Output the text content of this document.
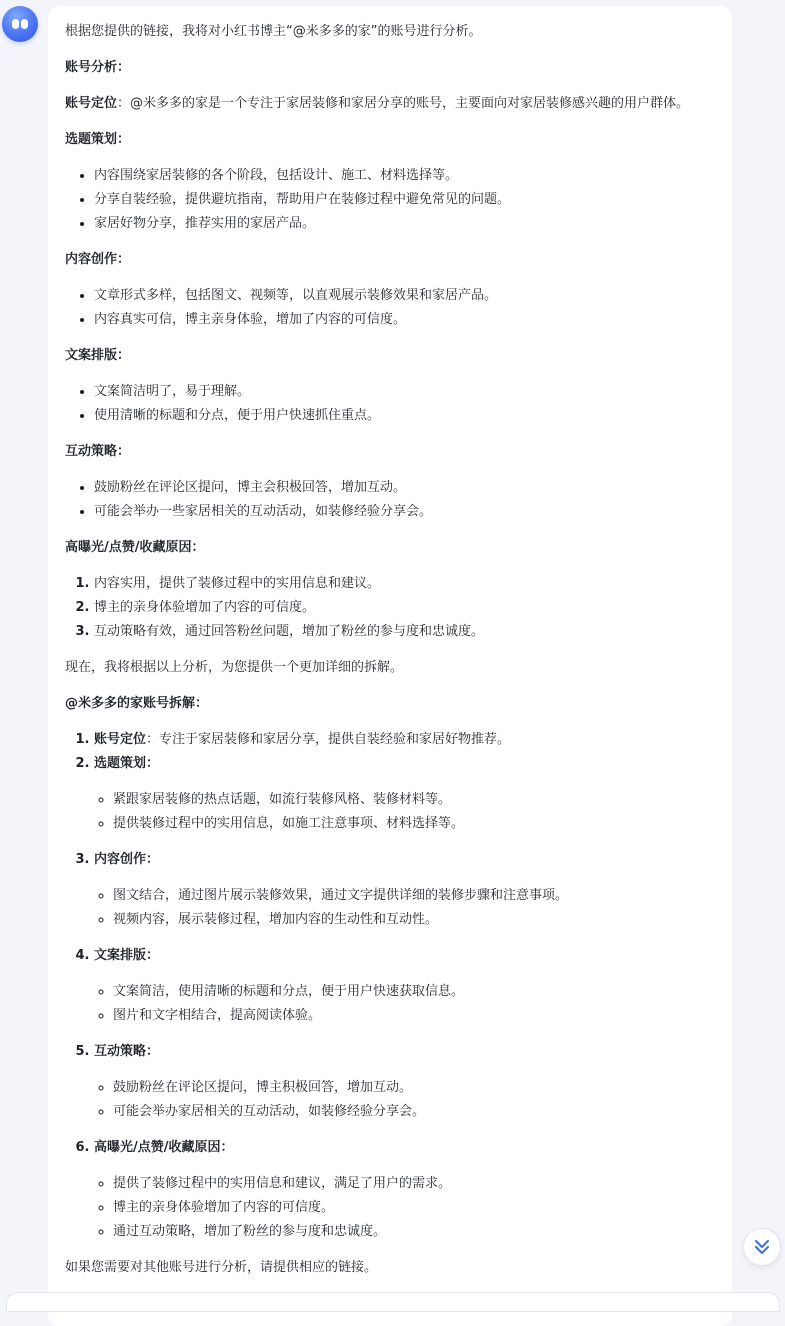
根据您提供的链接，我将对小红书博主“@米多多的家”的账号进行分析。

账号分析：

账号定位：@米多多的家是一个专注于家居装修和家居分享的账号，主要面向对家居装修感兴趣的用户群体。

选题策划：

• 内容围绕家居装修的各个阶段，包括设计、施工、材料选择等。
• 分享自装经验，提供避坑指南，帮助用户在装修过程中避免常见的问题。
• 家居好物分享，推荐实用的家居产品。

内容创作：

• 文章形式多样，包括图文、视频等，以直观展示装修效果和家居产品。
• 内容真实可信，博主亲身体验，增加了内容的可信度。

文案排版：

• 文案简洁明了，易于理解。
• 使用清晰的标题和分点，便于用户快速抓住重点。

互动策略：

• 鼓励粉丝在评论区提问，博主会积极回答，增加互动。
• 可能会举办一些家居相关的互动活动，如装修经验分享会。

高曝光/点赞/收藏原因：

1. 内容实用，提供了装修过程中的实用信息和建议。
2. 博主的亲身体验增加了内容的可信度。
3. 互动策略有效，通过回答粉丝问题，增加了粉丝的参与度和忠诚度。

现在，我将根据以上分析，为您提供一个更加详细的拆解。

@米多多的家账号拆解：

1. 账号定位：专注于家居装修和家居分享，提供自装经验和家居好物推荐。
2. 选题策划：
◦ 紧跟家居装修的热点话题，如流行装修风格、装修材料等。
◦ 提供装修过程中的实用信息，如施工注意事项、材料选择等。
3. 内容创作：
◦ 图文结合，通过图片展示装修效果，通过文字提供详细的装修步骤和注意事项。
◦ 视频内容，展示装修过程，增加内容的生动性和互动性。
4. 文案排版：
◦ 文案简洁，使用清晰的标题和分点，便于用户快速获取信息。
◦ 图片和文字相结合，提高阅读体验。
5. 互动策略：
◦ 鼓励粉丝在评论区提问，博主积极回答，增加互动。
◦ 可能会举办家居相关的互动活动，如装修经验分享会。
6. 高曝光/点赞/收藏原因：
◦ 提供了装修过程中的实用信息和建议，满足了用户的需求。
◦ 博主的亲身体验增加了内容的可信度。
◦ 通过互动策略，增加了粉丝的参与度和忠诚度。

如果您需要对其他账号进行分析，请提供相应的链接。
